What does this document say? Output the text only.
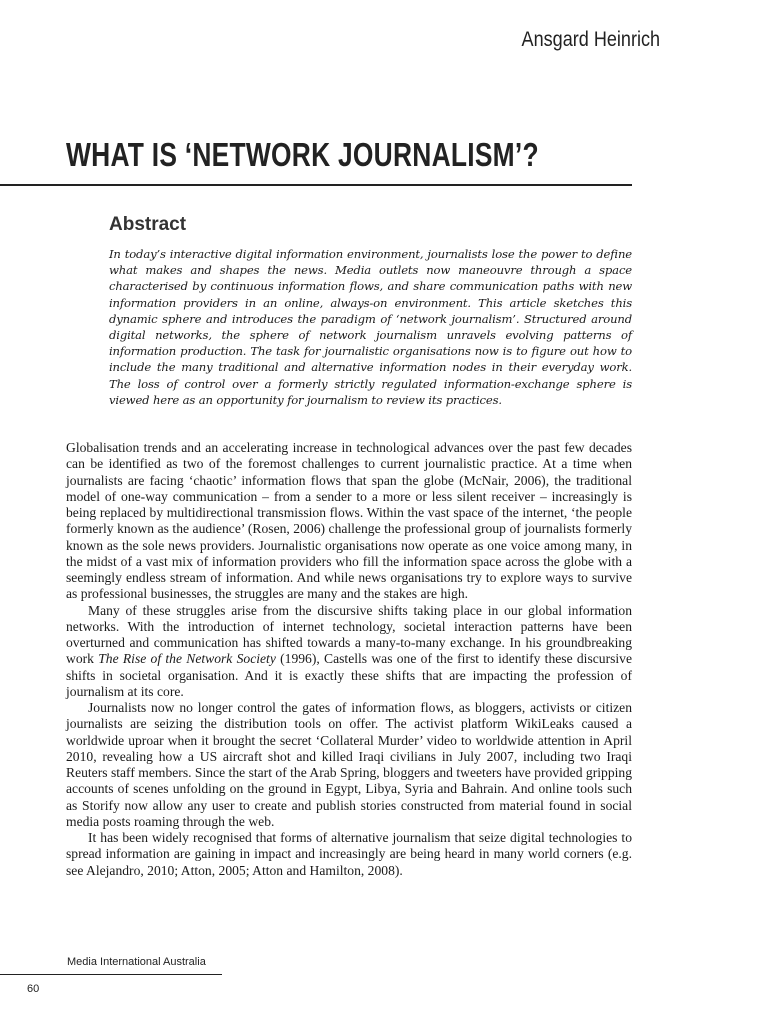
Ansgard Heinrich
WHAT IS ‘NETWORK JOURNALISM’?
Abstract
In today’s interactive digital information environment, journalists lose the power to define what makes and shapes the news. Media outlets now maneouvre through a space characterised by continuous information flows, and share communication paths with new information providers in an online, always-on environment. This article sketches this dynamic sphere and introduces the paradigm of ‘network journalism’. Structured around digital networks, the sphere of network journalism unravels evolving patterns of information production. The task for journalistic organisations now is to figure out how to include the many traditional and alternative information nodes in their everyday work. The loss of control over a formerly strictly regulated information-exchange sphere is viewed here as an opportunity for journalism to review its practices.

Globalisation trends and an accelerating increase in technological advances over the past few decades can be identified as two of the foremost challenges to current journalistic practice. At a time when journalists are facing ‘chaotic’ information flows that span the globe (McNair, 2006), the traditional model of one-way communication – from a sender to a more or less silent receiver – increasingly is being replaced by multidirectional transmission flows. Within the vast space of the internet, ‘the people formerly known as the audience’ (Rosen, 2006) challenge the professional group of journalists formerly known as the sole news providers. Journalistic organisations now operate as one voice among many, in the midst of a vast mix of information providers who fill the information space across the globe with a seemingly endless stream of information. And while news organisations try to explore ways to survive as professional businesses, the struggles are many and the stakes are high.

Many of these struggles arise from the discursive shifts taking place in our global information networks. With the introduction of internet technology, societal interaction patterns have been overturned and communication has shifted towards a many-to-many exchange. In his groundbreaking work The Rise of the Network Society (1996), Castells was one of the first to identify these discursive shifts in societal organisation. And it is exactly these shifts that are impacting the profession of journalism at its core.

Journalists now no longer control the gates of information flows, as bloggers, activists or citizen journalists are seizing the distribution tools on offer. The activist platform WikiLeaks caused a worldwide uproar when it brought the secret ‘Collateral Murder’ video to worldwide attention in April 2010, revealing how a US aircraft shot and killed Iraqi civilians in July 2007, including two Iraqi Reuters staff members. Since the start of the Arab Spring, bloggers and tweeters have provided gripping accounts of scenes unfolding on the ground in Egypt, Libya, Syria and Bahrain. And online tools such as Storify now allow any user to create and publish stories constructed from material found in social media posts roaming through the web.

It has been widely recognised that forms of alternative journalism that seize digital technologies to spread information are gaining in impact and increasingly are being heard in many world corners (e.g. see Alejandro, 2010; Atton, 2005; Atton and Hamilton, 2008).

Media International Australia
60
